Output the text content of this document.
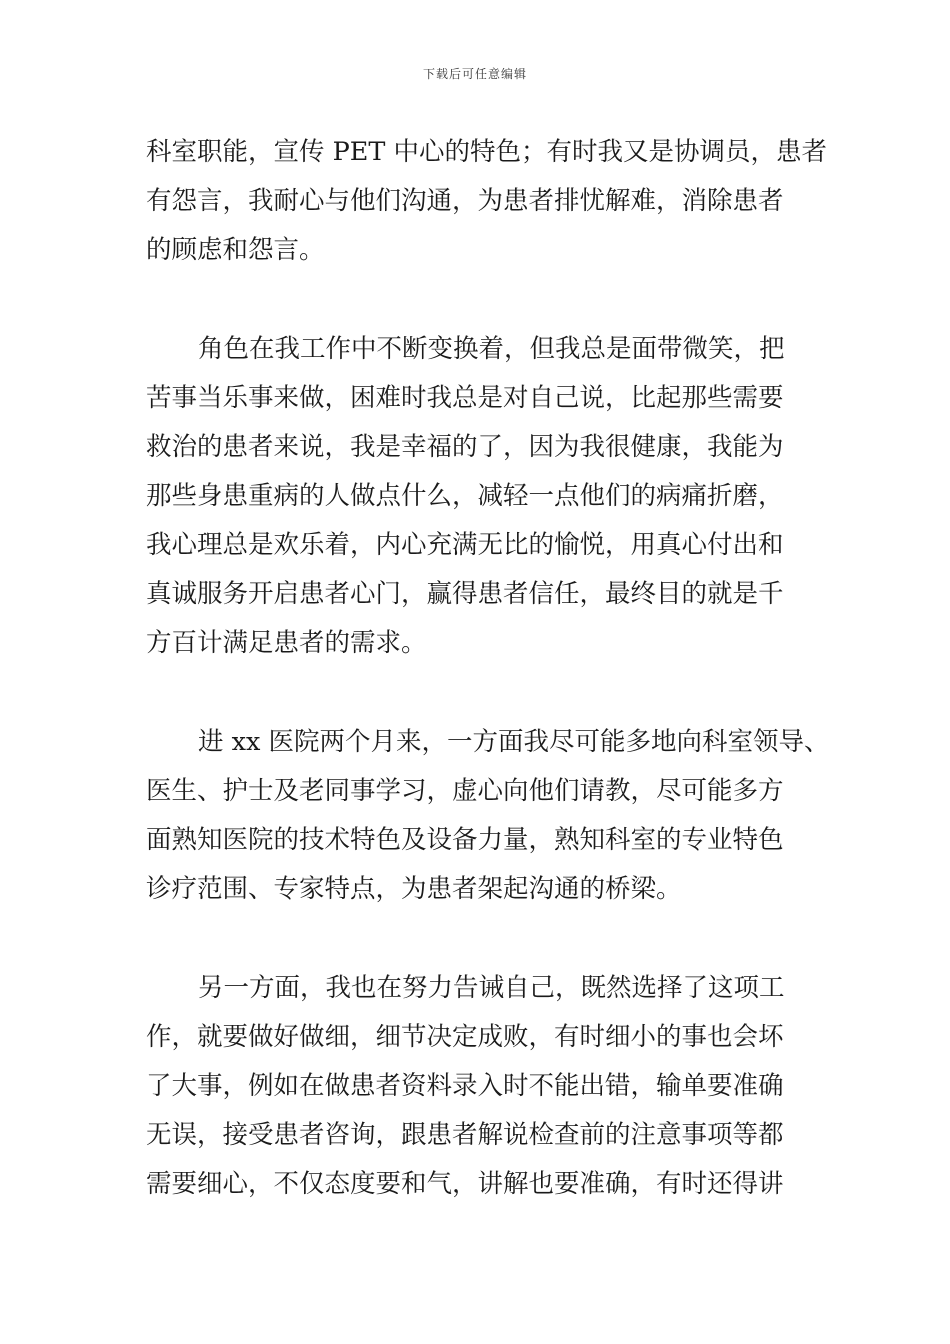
下载后可任意编辑
科室职能，宣传 PET 中心的特色；有时我又是协调员，患者
有怨言，我耐心与他们沟通，为患者排忧解难，消除患者
的顾虑和怨言。
角色在我工作中不断变换着，但我总是面带微笑，把
苦事当乐事来做，困难时我总是对自己说，比起那些需要
救治的患者来说，我是幸福的了，因为我很健康，我能为
那些身患重病的人做点什么，减轻一点他们的病痛折磨，
我心理总是欢乐着，内心充满无比的愉悦，用真心付出和
真诚服务开启患者心门，赢得患者信任，最终目的就是千
方百计满足患者的需求。
进 xx 医院两个月来，一方面我尽可能多地向科室领导、
医生、护士及老同事学习，虚心向他们请教，尽可能多方
面熟知医院的技术特色及设备力量，熟知科室的专业特色
诊疗范围、专家特点，为患者架起沟通的桥梁。
另一方面，我也在努力告诫自己，既然选择了这项工
作，就要做好做细，细节决定成败，有时细小的事也会坏
了大事，例如在做患者资料录入时不能出错，输单要准确
无误，接受患者咨询，跟患者解说检查前的注意事项等都
需要细心，不仅态度要和气，讲解也要准确，有时还得讲
